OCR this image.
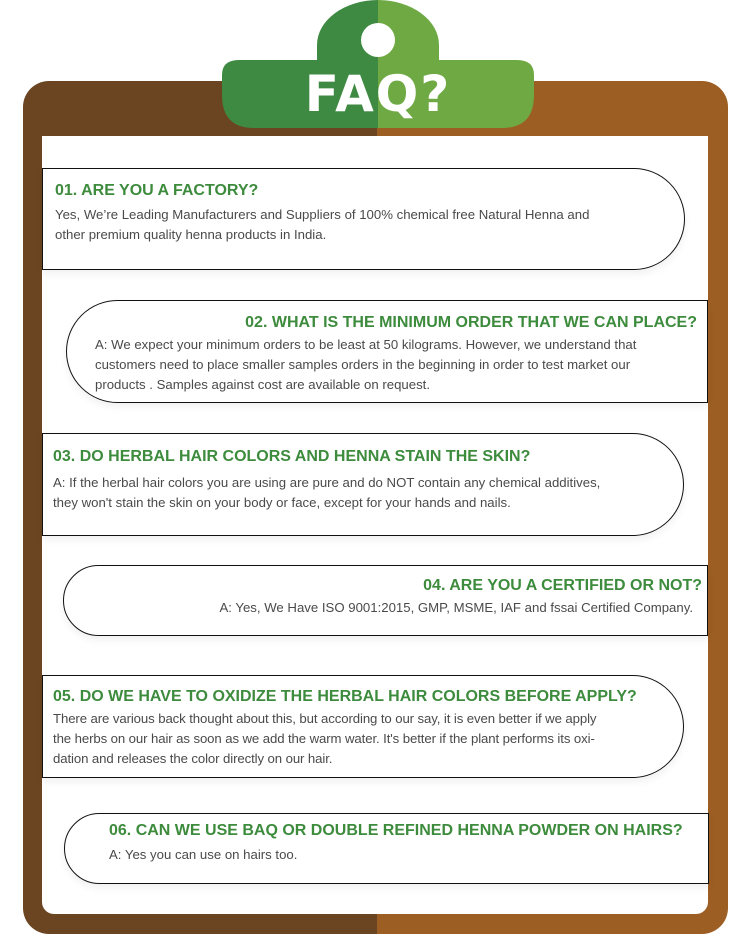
FAQ?

01. ARE YOU A FACTORY?

Yes, We’re Leading Manufacturers and Suppliers of 100% chemical free Natural Henna and
other premium quality henna products in India.

02. WHAT IS THE MINIMUM ORDER THAT WE CAN PLACE?

A: We expect your minimum orders to be least at 50 kilograms. However, we understand that
customers need to place smaller samples orders in the beginning in order to test market our
products . Samples against cost are available on request.

03. DO HERBAL HAIR COLORS AND HENNA STAIN THE SKIN?

A: If the herbal hair colors you are using are pure and do NOT contain any chemical additives,
they won't stain the skin on your body or face, except for your hands and nails.

04. ARE YOU A CERTIFIED OR NOT?

A: Yes, We Have ISO 9001:2015, GMP, MSME, IAF and fssai Certified Company.

05. DO WE HAVE TO OXIDIZE THE HERBAL HAIR COLORS BEFORE APPLY?

There are various back thought about this, but according to our say, it is even better if we apply
the herbs on our hair as soon as we add the warm water. It's better if the plant performs its oxi-
dation and releases the color directly on our hair.

06. CAN WE USE BAQ OR DOUBLE REFINED HENNA POWDER ON HAIRS?

A: Yes you can use on hairs too.
